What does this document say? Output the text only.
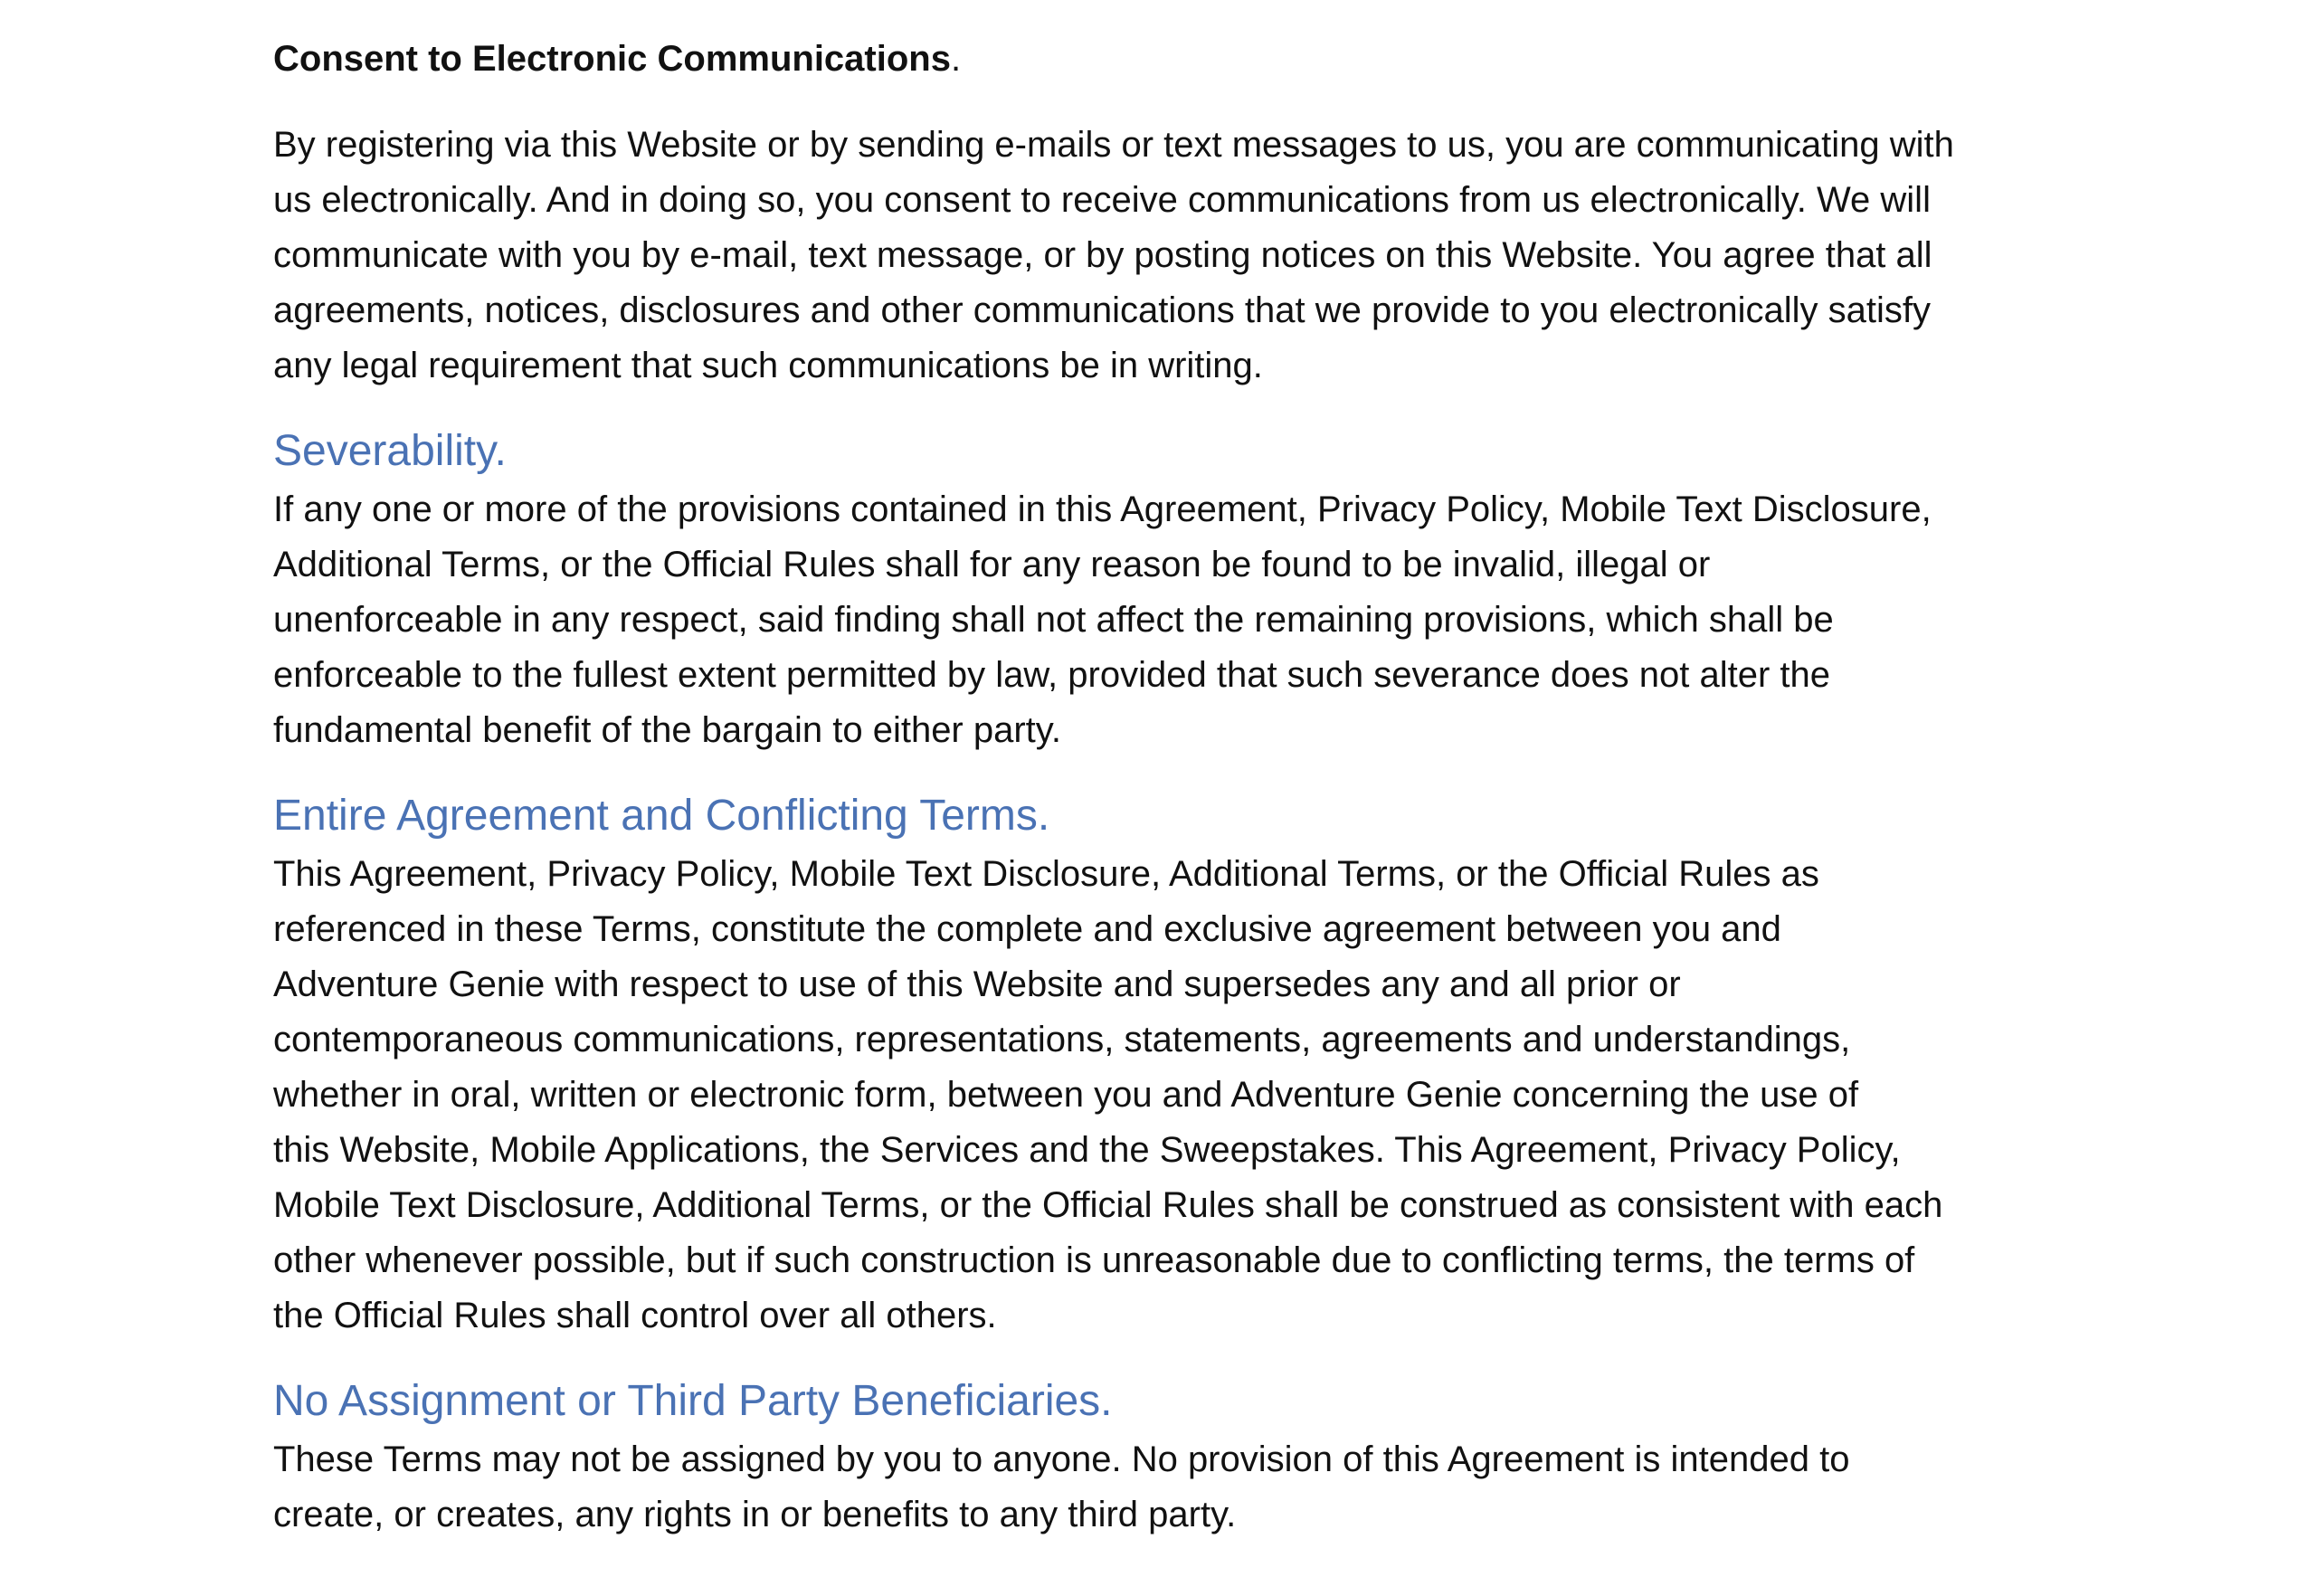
Consent to Electronic Communications.
By registering via this Website or by sending e-mails or text messages to us, you are communicating with
us electronically. And in doing so, you consent to receive communications from us electronically. We will
communicate with you by e-mail, text message, or by posting notices on this Website. You agree that all
agreements, notices, disclosures and other communications that we provide to you electronically satisfy
any legal requirement that such communications be in writing.
Severability.
If any one or more of the provisions contained in this Agreement, Privacy Policy, Mobile Text Disclosure,
Additional Terms, or the Official Rules shall for any reason be found to be invalid, illegal or
unenforceable in any respect, said finding shall not affect the remaining provisions, which shall be
enforceable to the fullest extent permitted by law, provided that such severance does not alter the
fundamental benefit of the bargain to either party.
Entire Agreement and Conflicting Terms.
This Agreement, Privacy Policy, Mobile Text Disclosure, Additional Terms, or the Official Rules as
referenced in these Terms, constitute the complete and exclusive agreement between you and
Adventure Genie with respect to use of this Website and supersedes any and all prior or
contemporaneous communications, representations, statements, agreements and understandings,
whether in oral, written or electronic form, between you and Adventure Genie concerning the use of
this Website, Mobile Applications, the Services and the Sweepstakes. This Agreement, Privacy Policy,
Mobile Text Disclosure, Additional Terms, or the Official Rules shall be construed as consistent with each
other whenever possible, but if such construction is unreasonable due to conflicting terms, the terms of
the Official Rules shall control over all others.
No Assignment or Third Party Beneficiaries.
These Terms may not be assigned by you to anyone. No provision of this Agreement is intended to
create, or creates, any rights in or benefits to any third party.
